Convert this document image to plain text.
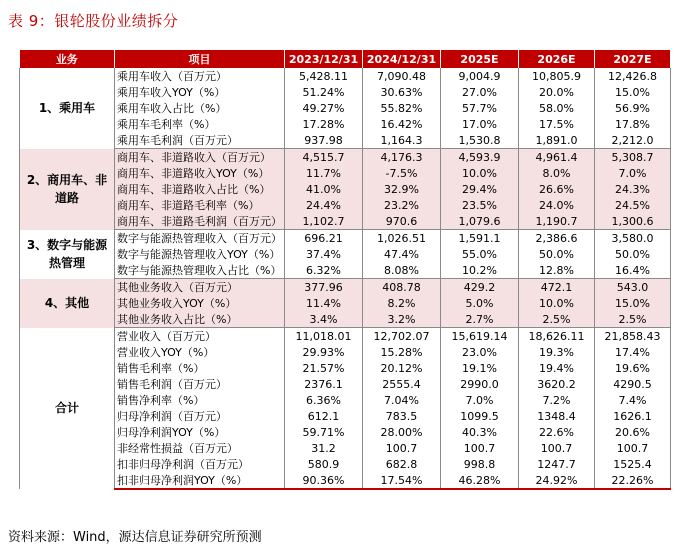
表 9：银轮股份业绩拆分
业务	项目	2023/12/31	2024/12/31	2025E	2026E	2027E
1、乘用车	乘用车收入（百万元）	5,428.11	7,090.48	9,004.9	10,805.9	12,426.8
	乘用车收入YOY（%）	51.24%	30.63%	27.0%	20.0%	15.0%
	乘用车收入占比（%）	49.27%	55.82%	57.7%	58.0%	56.9%
	乘用车毛利率（%）	17.28%	16.42%	17.0%	17.5%	17.8%
	乘用车毛利润（百万元）	937.98	1,164.3	1,530.8	1,891.0	2,212.0
2、商用车、非道路	商用车、非道路收入（百万元）	4,515.7	4,176.3	4,593.9	4,961.4	5,308.7
	商用车、非道路收入YOY（%）	11.7%	-7.5%	10.0%	8.0%	7.0%
	商用车、非道路收入占比（%）	41.0%	32.9%	29.4%	26.6%	24.3%
	商用车、非道路毛利率（%）	24.4%	23.2%	23.5%	24.0%	24.5%
	商用车、非道路毛利润（百万元）	1,102.7	970.6	1,079.6	1,190.7	1,300.6
3、数字与能源热管理	数字与能源热管理收入（百万元）	696.21	1,026.51	1,591.1	2,386.6	3,580.0
	数字与能源热管理收入YOY（%）	37.4%	47.4%	55.0%	50.0%	50.0%
	数字与能源热管理收入占比（%）	6.32%	8.08%	10.2%	12.8%	16.4%
4、其他	其他业务收入（百万元）	377.96	408.78	429.2	472.1	543.0
	其他业务收入YOY（%）	11.4%	8.2%	5.0%	10.0%	15.0%
	其他业务收入占比（%）	3.4%	3.2%	2.7%	2.5%	2.5%
合计	营业收入（百万元）	11,018.01	12,702.07	15,619.14	18,626.11	21,858.43
	营业收入YOY（%）	29.93%	15.28%	23.0%	19.3%	17.4%
	销售毛利率（%）	21.57%	20.12%	19.1%	19.4%	19.6%
	销售毛利润（百万元）	2376.1	2555.4	2990.0	3620.2	4290.5
	销售净利率（%）	6.36%	7.04%	7.0%	7.2%	7.4%
	归母净利润（百万元）	612.1	783.5	1099.5	1348.4	1626.1
	归母净利润YOY（%）	59.71%	28.00%	40.3%	22.6%	20.6%
	非经常性损益（百万元）	31.2	100.7	100.7	100.7	100.7
	扣非归母净利润（百万元）	580.9	682.8	998.8	1247.7	1525.4
	扣非归母净利润YOY（%）	90.36%	17.54%	46.28%	24.92%	22.26%
资料来源：Wind，源达信息证券研究所预测
